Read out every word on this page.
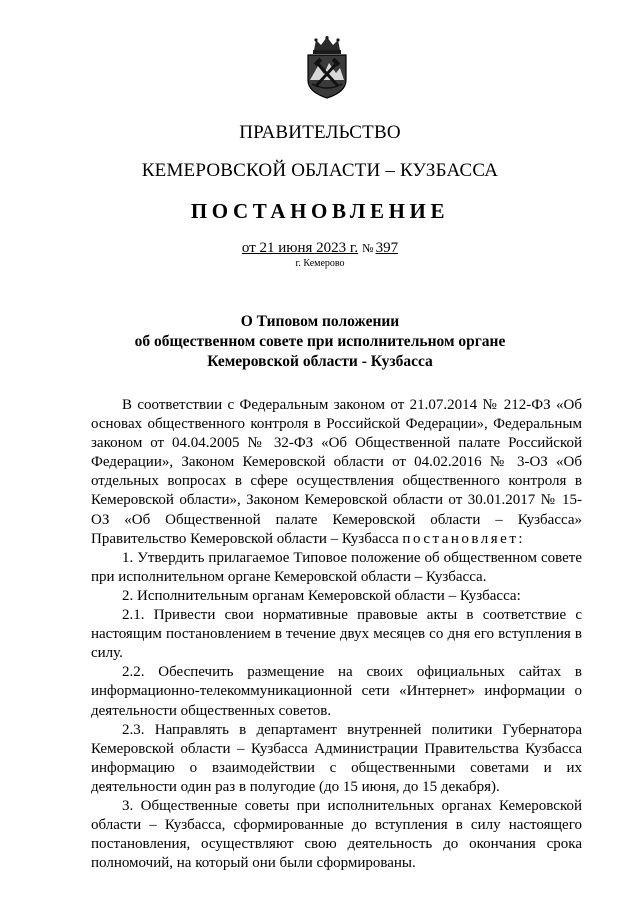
ПРАВИТЕЛЬСТВО
КЕМЕРОВСКОЙ ОБЛАСТИ – КУЗБАССА
ПОСТАНОВЛЕНИЕ
от 21 июня 2023 г. № 397
г. Кемерово
О Типовом положении
об общественном совете при исполнительном органе
Кемеровской области - Кузбасса

В соответствии с Федеральным законом от 21.07.2014 № 212-ФЗ «Об основах общественного контроля в Российской Федерации», Федеральным законом от 04.04.2005 № 32-ФЗ «Об Общественной палате Российской Федерации», Законом Кемеровской области от 04.02.2016 № 3-ОЗ «Об отдельных вопросах в сфере осуществления общественного контроля в Кемеровской области», Законом Кемеровской области от 30.01.2017 № 15-ОЗ «Об Общественной палате Кемеровской области – Кузбасса» Правительство Кемеровской области – Кузбасса постановляет:

1. Утвердить прилагаемое Типовое положение об общественном совете при исполнительном органе Кемеровской области – Кузбасса.

2. Исполнительным органам Кемеровской области – Кузбасса:

2.1. Привести свои нормативные правовые акты в соответствие с настоящим постановлением в течение двух месяцев со дня его вступления в силу.

2.2. Обеспечить размещение на своих официальных сайтах в информационно-телекоммуникационной сети «Интернет» информации о деятельности общественных советов.

2.3. Направлять в департамент внутренней политики Губернатора Кемеровской области – Кузбасса Администрации Правительства Кузбасса информацию о взаимодействии с общественными советами и их деятельности один раз в полугодие (до 15 июня, до 15 декабря).

3. Общественные советы при исполнительных органах Кемеровской области – Кузбасса, сформированные до вступления в силу настоящего постановления, осуществляют свою деятельность до окончания срока полномочий, на который они были сформированы.
